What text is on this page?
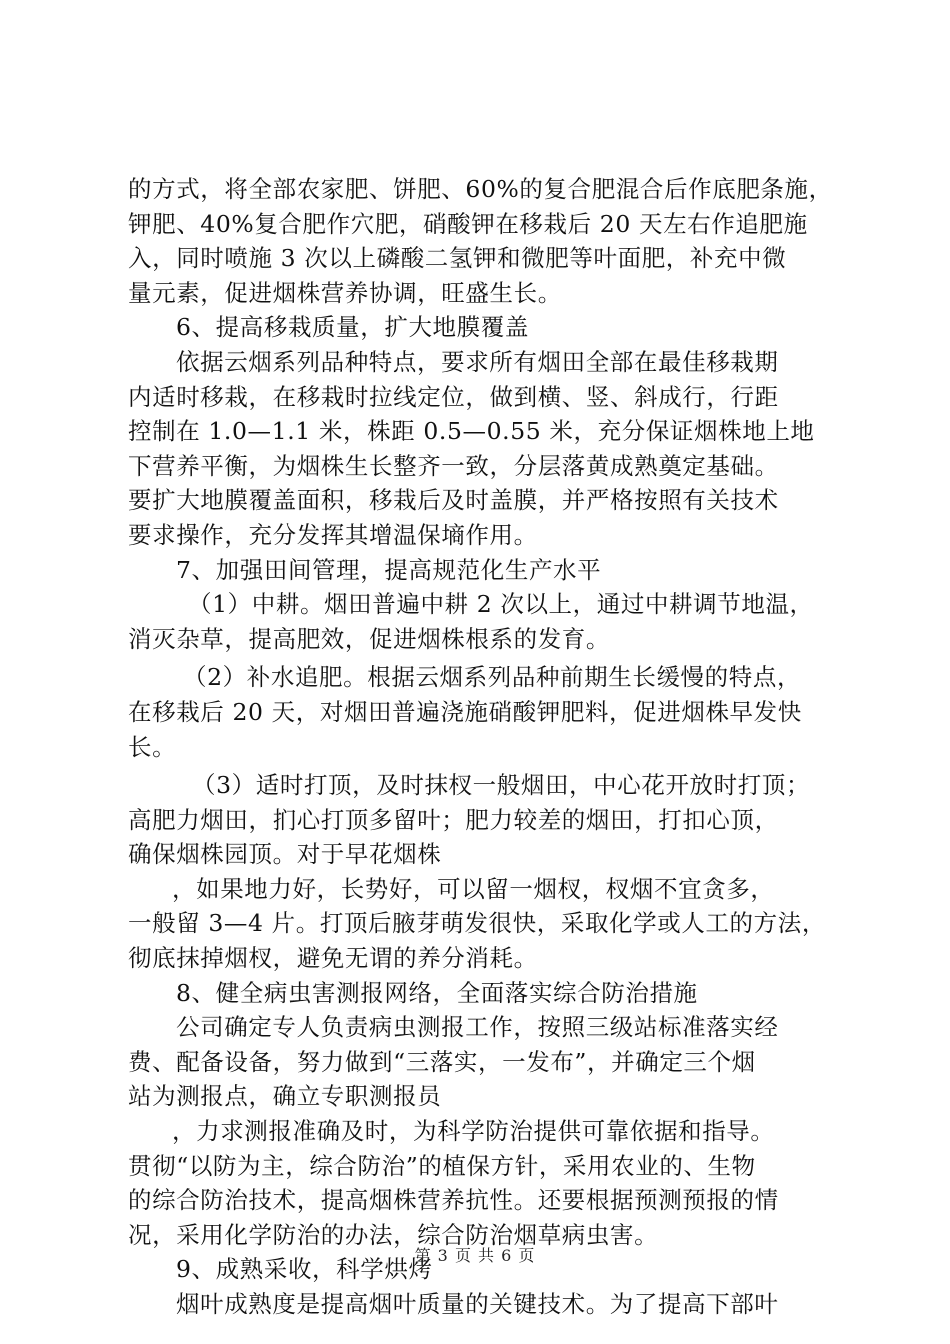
的方式，将全部农家肥、饼肥、60%的复合肥混合后作底肥条施，
钾肥、40%复合肥作穴肥，硝酸钾在移栽后 20 天左右作追肥施
入，同时喷施 3 次以上磷酸二氢钾和微肥等叶面肥，补充中微
量元素，促进烟株营养协调，旺盛生长。
6、提高移栽质量，扩大地膜覆盖
依据云烟系列品种特点，要求所有烟田全部在最佳移栽期
内适时移栽，在移栽时拉线定位，做到横、竖、斜成行，行距
控制在 1.0—1.1 米，株距 0.5—0.55 米，充分保证烟株地上地
下营养平衡，为烟株生长整齐一致，分层落黄成熟奠定基础。
要扩大地膜覆盖面积，移栽后及时盖膜，并严格按照有关技术
要求操作，充分发挥其增温保墒作用。
7、加强田间管理，提高规范化生产水平
（1）中耕。烟田普遍中耕 2 次以上，通过中耕调节地温，
消灭杂草，提高肥效，促进烟株根系的发育。
（2）补水追肥。根据云烟系列品种前期生长缓慢的特点，
在移栽后 20 天，对烟田普遍浇施硝酸钾肥料，促进烟株早发快
长。
（3）适时打顶，及时抹杈一般烟田，中心花开放时打顶；
高肥力烟田，扪心打顶多留叶；肥力较差的烟田，打扣心顶，
确保烟株园顶。对于早花烟株
，如果地力好，长势好，可以留一烟杈，杈烟不宜贪多，
一般留 3—4 片。打顶后腋芽萌发很快，采取化学或人工的方法，
彻底抹掉烟杈，避免无谓的养分消耗。
8、健全病虫害测报网络，全面落实综合防治措施
公司确定专人负责病虫测报工作，按照三级站标准落实经
费、配备设备，努力做到“三落实，一发布”，并确定三个烟
站为测报点，确立专职测报员
，力求测报准确及时，为科学防治提供可靠依据和指导。
贯彻“以防为主，综合防治”的植保方针，采用农业的、生物
的综合防治技术，提高烟株营养抗性。还要根据预测预报的情
况，采用化学防治的办法，综合防治烟草病虫害。
9、成熟采收，科学烘烤
烟叶成熟度是提高烟叶质量的关键技术。为了提高下部叶
第 3 页 共 6 页
